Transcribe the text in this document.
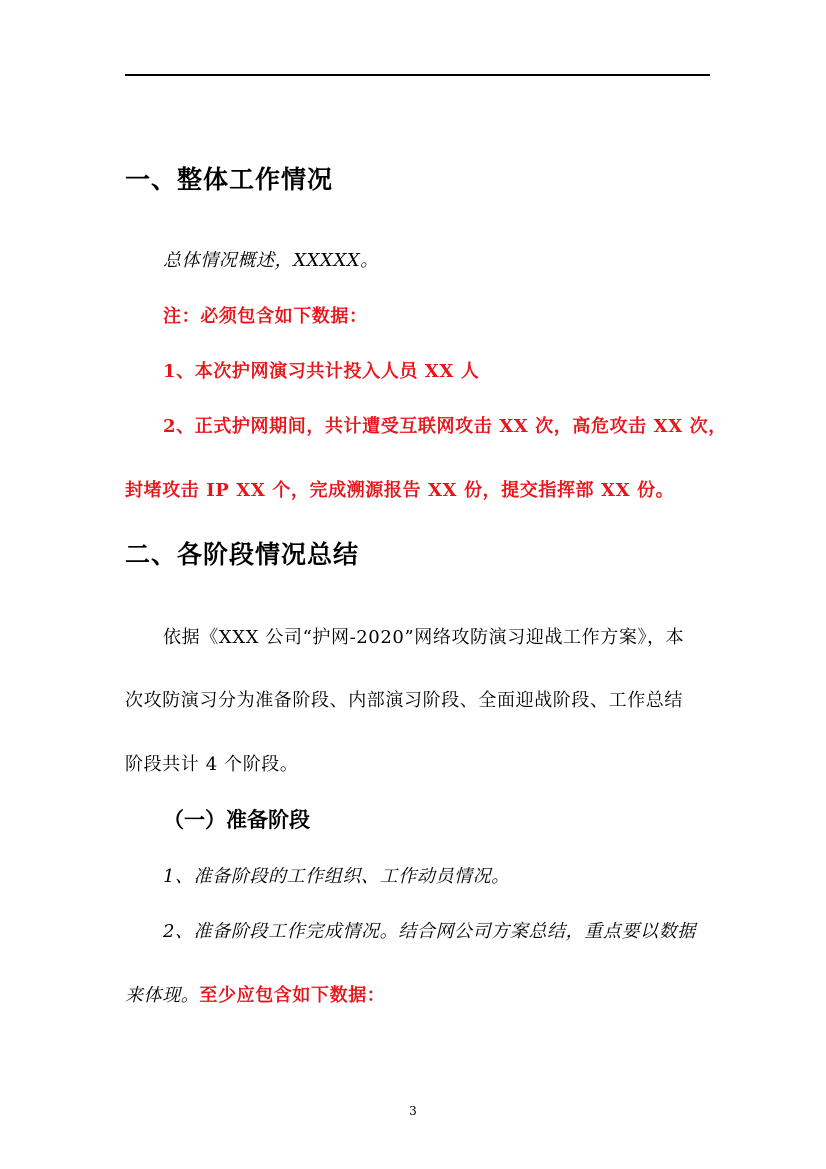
一、整体工作情况
总体情况概述，XXXXX。
注：必须包含如下数据：
1、本次护网演习共计投入人员 XX 人
2、正式护网期间，共计遭受互联网攻击 XX 次，高危攻击 XX 次，
封堵攻击 IP XX 个，完成溯源报告 XX 份，提交指挥部 XX 份。
二、各阶段情况总结
依据《XXX 公司“护网-2020”网络攻防演习迎战工作方案》，本
次攻防演习分为准备阶段、内部演习阶段、全面迎战阶段、工作总结
阶段共计 4 个阶段。
（一）准备阶段
1、准备阶段的工作组织、工作动员情况。
2、准备阶段工作完成情况。结合网公司方案总结，重点要以数据
来体现。至少应包含如下数据：
3
